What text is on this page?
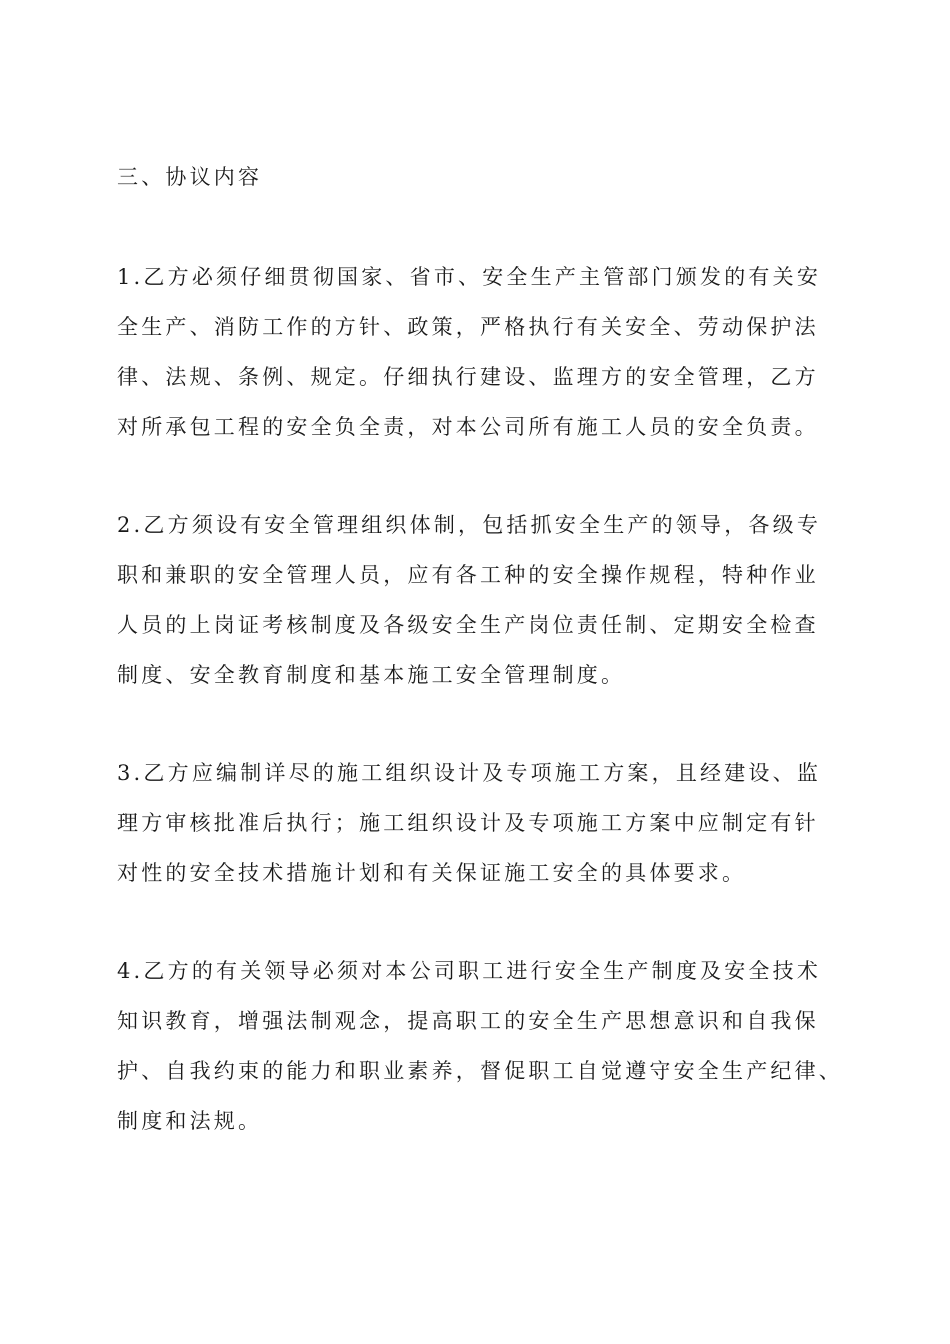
三、协议内容
1.乙方必须仔细贯彻国家、省市、安全生产主管部门颁发的有关安
全生产、消防工作的方针、政策，严格执行有关安全、劳动保护法
律、法规、条例、规定。仔细执行建设、监理方的安全管理，乙方
对所承包工程的安全负全责，对本公司所有施工人员的安全负责。
2.乙方须设有安全管理组织体制，包括抓安全生产的领导，各级专
职和兼职的安全管理人员，应有各工种的安全操作规程，特种作业
人员的上岗证考核制度及各级安全生产岗位责任制、定期安全检查
制度、安全教育制度和基本施工安全管理制度。
3.乙方应编制详尽的施工组织设计及专项施工方案，且经建设、监
理方审核批准后执行；施工组织设计及专项施工方案中应制定有针
对性的安全技术措施计划和有关保证施工安全的具体要求。
4.乙方的有关领导必须对本公司职工进行安全生产制度及安全技术
知识教育，增强法制观念，提高职工的安全生产思想意识和自我保
护、自我约束的能力和职业素养，督促职工自觉遵守安全生产纪律、
制度和法规。
